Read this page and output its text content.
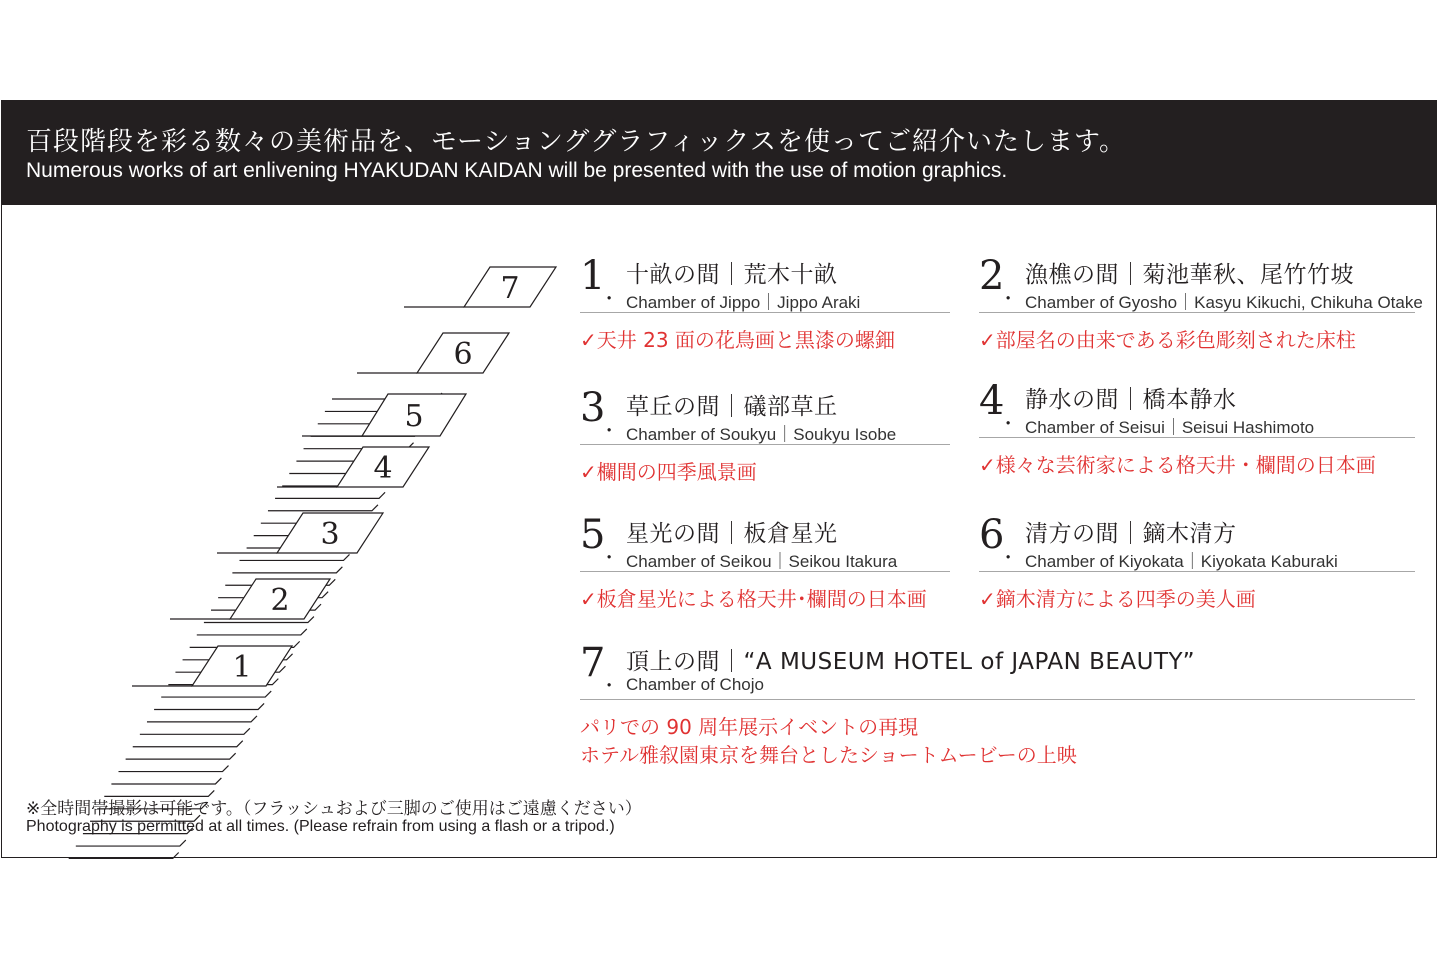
百段階段を彩る数々の美術品を、モーションググラフィックスを使ってご紹介いたします。
Numerous works of art enlivening HYAKUDAN KAIDAN will be presented with the use of motion graphics.
1
2
3
4
5
6
7 1 .
十畝の間｜荒木十畝
Chamber of Jippo｜Jippo Araki
✓天井 23 面の花鳥画と黒漆の螺鈿
2 .
漁樵の間｜菊池華秋、尾竹竹坡
Chamber of Gyosho｜Kasyu Kikuchi, Chikuha Otake
✓部屋名の由来である彩色彫刻された床柱
3 .
草丘の間｜礒部草丘
Chamber of Soukyu｜Soukyu Isobe
✓欄間の四季風景画
4 .
静水の間｜橋本静水
Chamber of Seisui｜Seisui Hashimoto
✓様々な芸術家による格天井・欄間の日本画
5 .
星光の間｜板倉星光
Chamber of Seikou｜Seikou Itakura
✓板倉星光による格天井･欄間の日本画
6 .
清方の間｜鏑木清方
Chamber of Kiyokata｜Kiyokata Kaburaki
✓鏑木清方による四季の美人画
7 .
頂上の間｜“A MUSEUM HOTEL of JAPAN BEAUTY”
Chamber of Chojo
パリでの 90 周年展示イベントの再現
ホテル雅叙園東京を舞台としたショートムービーの上映
※全時間帯撮影は可能です。（フラッシュおよび三脚のご使用はご遠慮ください）
Photography is permitted at all times. (Please refrain from using a flash or a tripod.)
